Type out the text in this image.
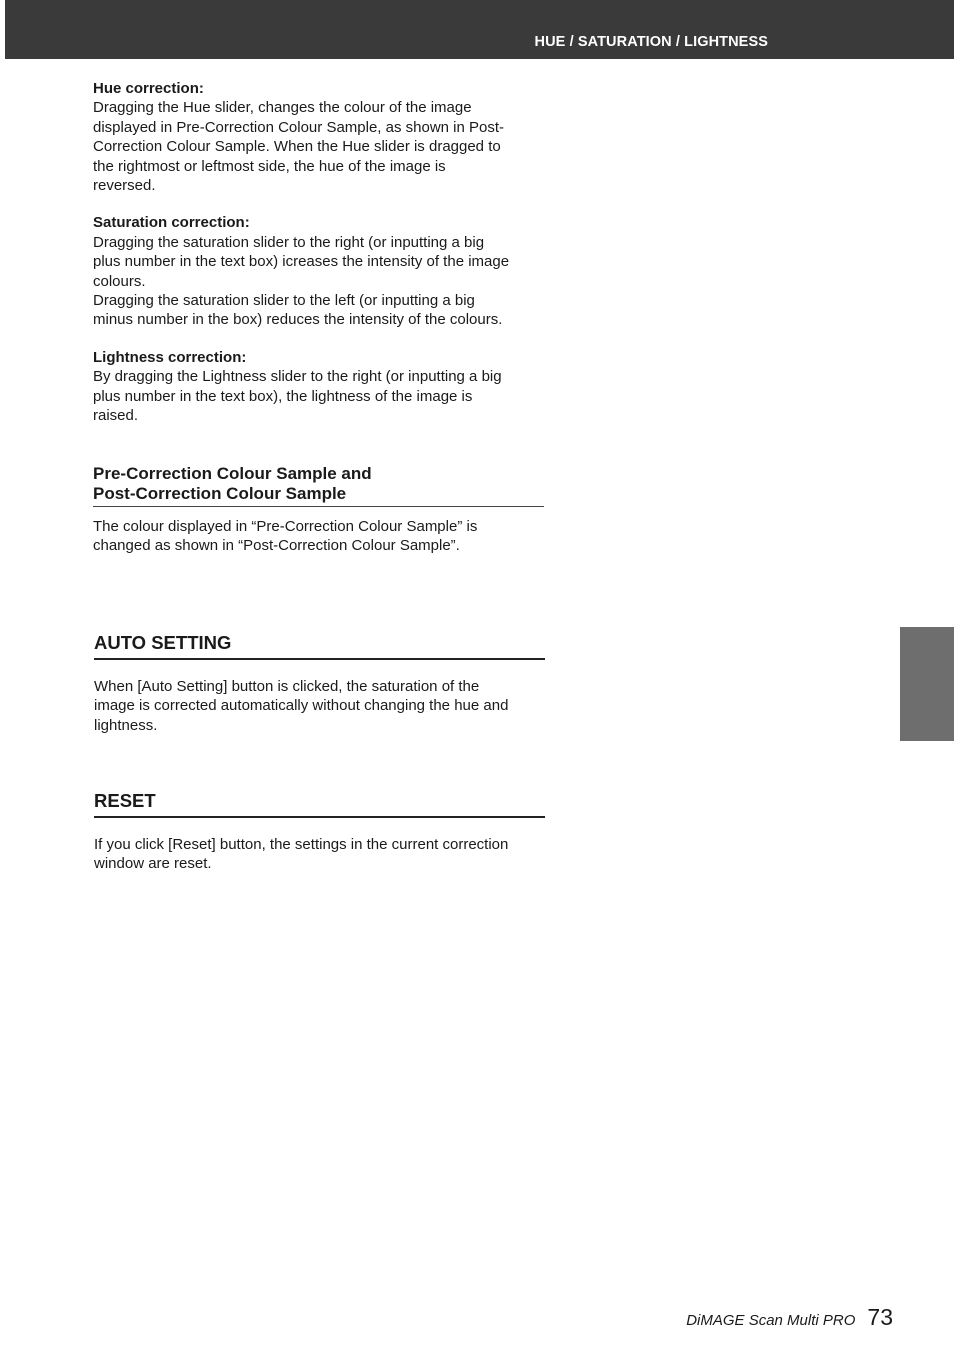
HUE / SATURATION / LIGHTNESS
Hue correction:

Dragging the Hue slider, changes the colour of the image

displayed in Pre-Correction Colour Sample, as shown in Post-

Correction Colour Sample. When the Hue slider is dragged to

the rightmost or leftmost side, the hue of the image is

reversed.

Saturation correction:

Dragging the saturation slider to the right (or inputting a big

plus number in the text box) icreases the intensity of the image

colours.

Dragging the saturation slider to the left (or inputting a big

minus number in the box) reduces the intensity of the colours.

Lightness correction:

By dragging the Lightness slider to the right (or inputting a big

plus number in the text box), the lightness of the image is

raised.

Pre-Correction Colour Sample and
Post-Correction Colour Sample
The colour displayed in “Pre-Correction Colour Sample” is
changed as shown in “Post-Correction Colour Sample”.
AUTO SETTING
When [Auto Setting] button is clicked, the saturation of the
image is corrected automatically without changing the hue and
lightness.
RESET
If you click [Reset] button, the settings in the current correction
window are reset.
DiMAGE Scan Multi PRO 73
